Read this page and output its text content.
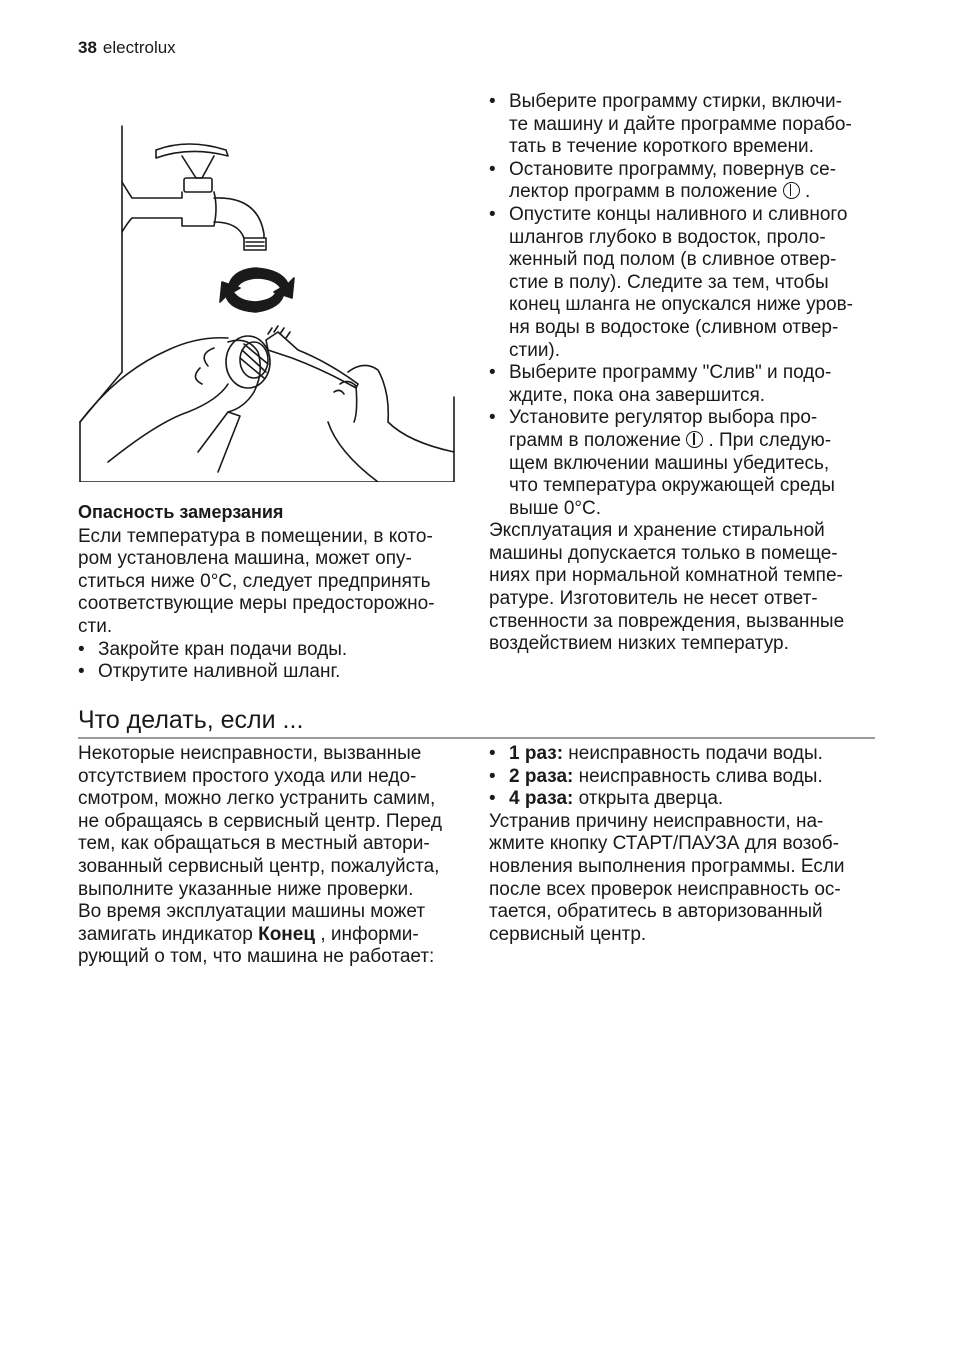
38 electrolux

Опасность замерзания

Если температура в помещении, в кото-
ром установлена машина, может опу-
ститься ниже 0°C, следует предпринять
соответствующие меры предосторожно-
сти.

• Закройте кран подачи воды.
• Открутите наливной шланг.
• Выберите программу стирки, включи-
те машину и дайте программе порабо-
тать в течение короткого времени.
• Остановите программу, повернув се-
лектор программ в положение .
• Опустите концы наливного и сливного
шлангов глубоко в водосток, проло-
женный под полом (в сливное отвер-
стие в полу). Следите за тем, чтобы
конец шланга не опускался ниже уров-
ня воды в водостоке (сливном отвер-
стии).
• Выберите программу "Слив" и подо-
ждите, пока она завершится.
• Установите регулятор выбора про-
грамм в положение . При следую-
щем включении машины убедитесь,
что температура окружающей среды
выше 0°C.

Эксплуатация и хранение стиральной
машины допускается только в помеще-
ниях при нормальной комнатной темпе-
ратуре. Изготовитель не несет ответ-
ственности за повреждения, вызванные
воздействием низких температур.

Что делать, если ...

Некоторые неисправности, вызванные
отсутствием простого ухода или недо-
смотром, можно легко устранить самим,
не обращаясь в сервисный центр. Перед
тем, как обращаться в местный автори-
зованный сервисный центр, пожалуйста,
выполните указанные ниже проверки.

Во время эксплуатации машины может
замигать индикатор Конец , информи-
рующий о том, что машина не работает:

• 1 раз: неисправность подачи воды.
• 2 раза: неисправность слива воды.
• 4 раза: открыта дверца.

Устранив причину неисправности, на-
жмите кнопку СТАРТ/ПАУЗА для возоб-
новления выполнения программы. Если
после всех проверок неисправность ос-
тается, обратитесь в авторизованный
сервисный центр.
